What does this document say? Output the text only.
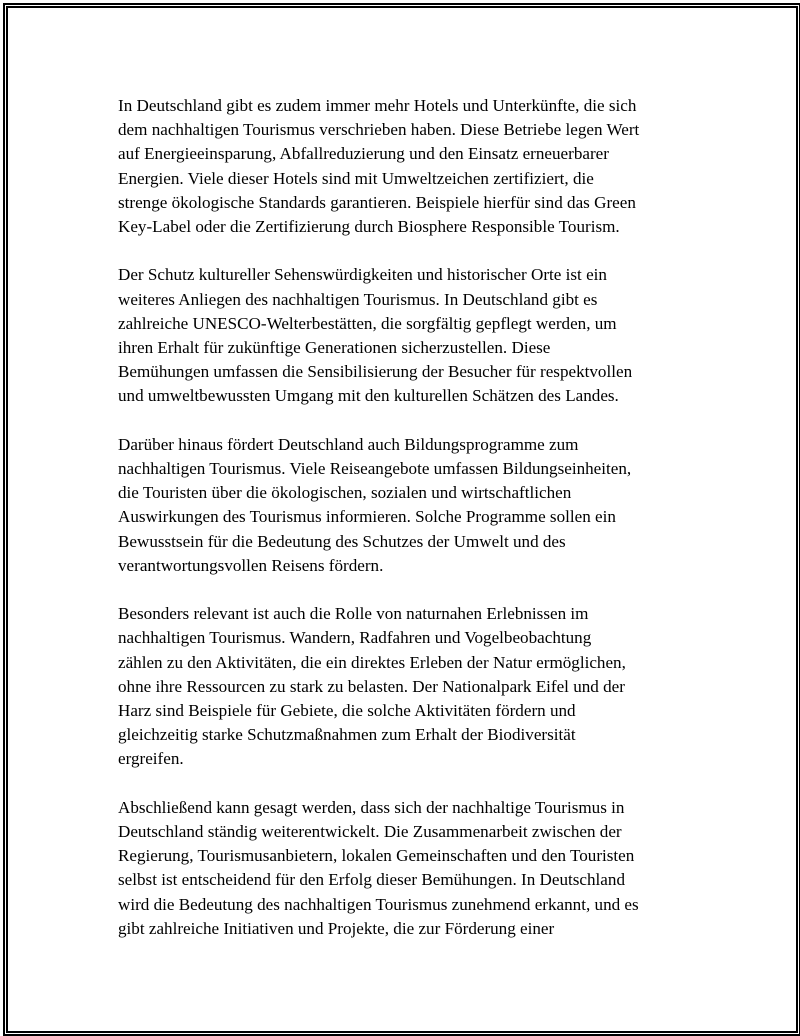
In Deutschland gibt es zudem immer mehr Hotels und Unterkünfte, die sich
dem nachhaltigen Tourismus verschrieben haben. Diese Betriebe legen Wert
auf Energieeinsparung, Abfallreduzierung und den Einsatz erneuerbarer
Energien. Viele dieser Hotels sind mit Umweltzeichen zertifiziert, die
strenge ökologische Standards garantieren. Beispiele hierfür sind das Green
Key-Label oder die Zertifizierung durch Biosphere Responsible Tourism.

Der Schutz kultureller Sehenswürdigkeiten und historischer Orte ist ein
weiteres Anliegen des nachhaltigen Tourismus. In Deutschland gibt es
zahlreiche UNESCO-Welterbestätten, die sorgfältig gepflegt werden, um
ihren Erhalt für zukünftige Generationen sicherzustellen. Diese
Bemühungen umfassen die Sensibilisierung der Besucher für respektvollen
und umweltbewussten Umgang mit den kulturellen Schätzen des Landes.

Darüber hinaus fördert Deutschland auch Bildungsprogramme zum
nachhaltigen Tourismus. Viele Reiseangebote umfassen Bildungseinheiten,
die Touristen über die ökologischen, sozialen und wirtschaftlichen
Auswirkungen des Tourismus informieren. Solche Programme sollen ein
Bewusstsein für die Bedeutung des Schutzes der Umwelt und des
verantwortungsvollen Reisens fördern.

Besonders relevant ist auch die Rolle von naturnahen Erlebnissen im
nachhaltigen Tourismus. Wandern, Radfahren und Vogelbeobachtung
zählen zu den Aktivitäten, die ein direktes Erleben der Natur ermöglichen,
ohne ihre Ressourcen zu stark zu belasten. Der Nationalpark Eifel und der
Harz sind Beispiele für Gebiete, die solche Aktivitäten fördern und
gleichzeitig starke Schutzmaßnahmen zum Erhalt der Biodiversität
ergreifen.

Abschließend kann gesagt werden, dass sich der nachhaltige Tourismus in
Deutschland ständig weiterentwickelt. Die Zusammenarbeit zwischen der
Regierung, Tourismusanbietern, lokalen Gemeinschaften und den Touristen
selbst ist entscheidend für den Erfolg dieser Bemühungen. In Deutschland
wird die Bedeutung des nachhaltigen Tourismus zunehmend erkannt, und es
gibt zahlreiche Initiativen und Projekte, die zur Förderung einer
